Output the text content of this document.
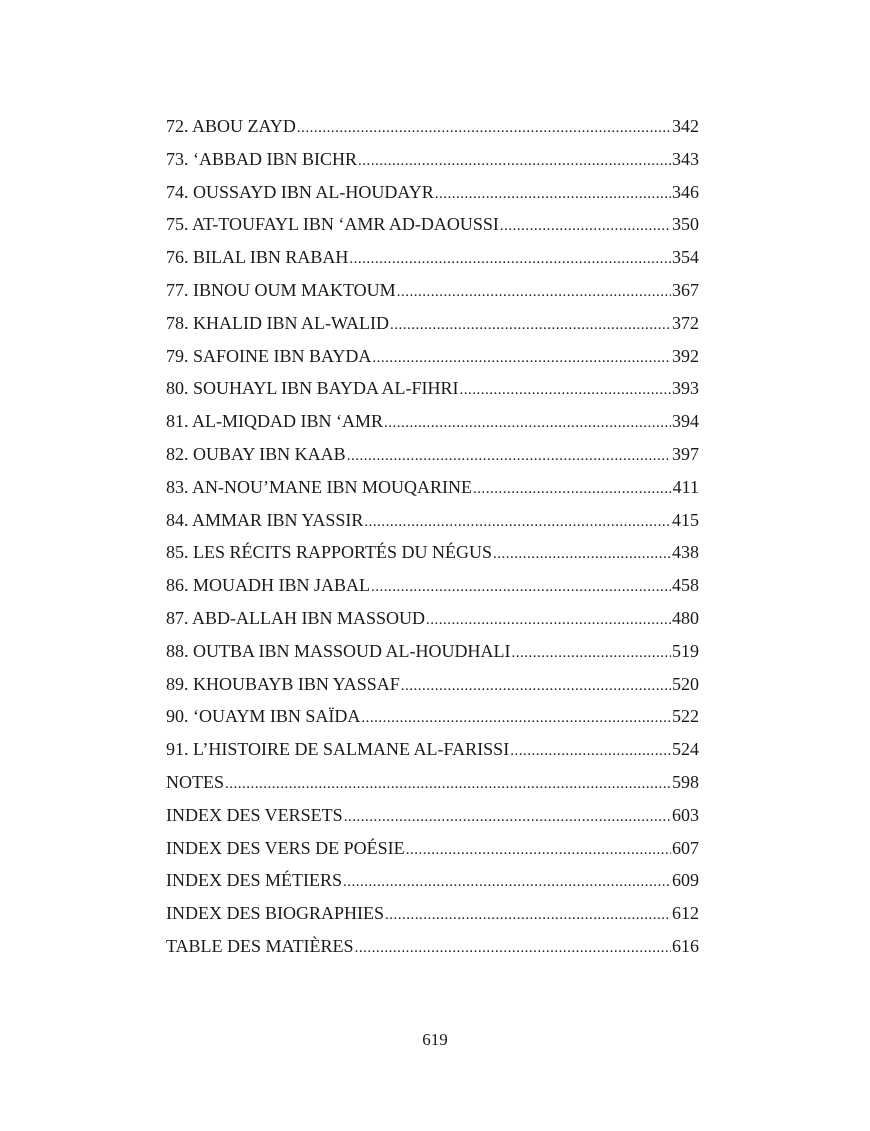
72. ABOU ZAYD .....	342
73. ‘ABBAD IBN BICHR .....	343
74. OUSSAYD IBN AL-HOUDAYR .....	346
75. AT-TOUFAYL IBN ‘AMR AD-DAOUSSI .....	350
76. BILAL IBN RABAH .....	354
77. IBNOU OUM MAKTOUM .....	367
78. KHALID IBN AL-WALID .....	372
79. SAFOINE IBN BAYDA .....	392
80. SOUHAYL IBN BAYDA AL-FIHRI .....	393
81. AL-MIQDAD IBN ‘AMR .....	394
82. OUBAY IBN KAAB .....	397
83. AN-NOU’MANE IBN MOUQARINE .....	411
84. AMMAR IBN YASSIR .....	415
85. LES RÉCITS RAPPORTÉS DU NÉGUS .....	438
86. MOUADH IBN JABAL .....	458
87. ABD-ALLAH IBN MASSOUD .....	480
88. OUTBA IBN MASSOUD AL-HOUDHALI .....	519
89. KHOUBAYB IBN YASSAF .....	520
90. ‘OUAYM IBN SAÏDA .....	522
91. L’HISTOIRE DE SALMANE AL-FARISSI .....	524
NOTES .....	598
INDEX DES VERSETS .....	603
INDEX DES VERS DE POÉSIE .....	607
INDEX DES MÉTIERS .....	609
INDEX DES BIOGRAPHIES .....	612
TABLE DES MATIÈRES .....	616
619
